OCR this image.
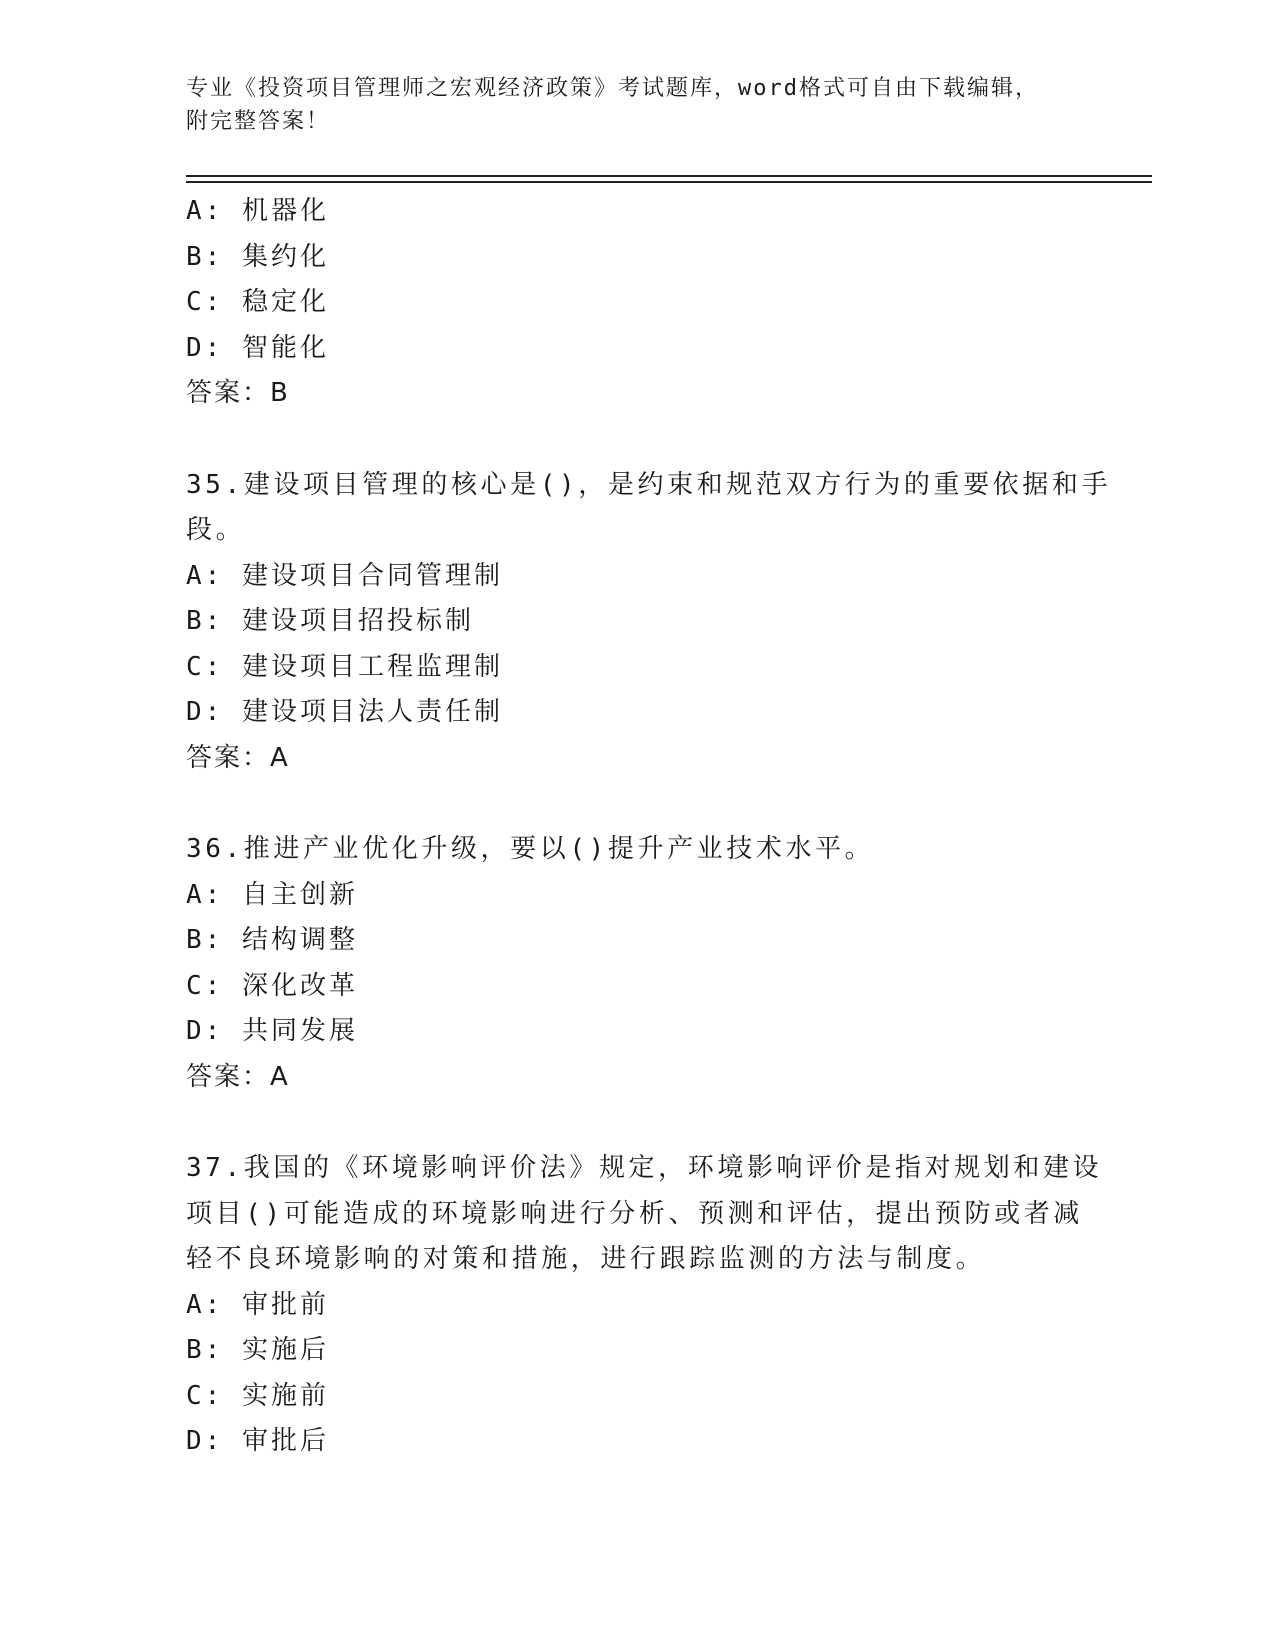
专业《投资项目管理师之宏观经济政策》考试题库，word格式可自由下载编辑，
附完整答案！
A: 机器化
B: 集约化
C: 稳定化
D: 智能化
答案：B
35.建设项目管理的核心是()，是约束和规范双方行为的重要依据和手
段。
A: 建设项目合同管理制
B: 建设项目招投标制
C: 建设项目工程监理制
D: 建设项目法人责任制
答案：A
36.推进产业优化升级，要以()提升产业技术水平。
A: 自主创新
B: 结构调整
C: 深化改革
D: 共同发展
答案：A
37.我国的《环境影响评价法》规定，环境影响评价是指对规划和建设
项目()可能造成的环境影响进行分析、预测和评估，提出预防或者减
轻不良环境影响的对策和措施，进行跟踪监测的方法与制度。
A: 审批前
B: 实施后
C: 实施前
D: 审批后
